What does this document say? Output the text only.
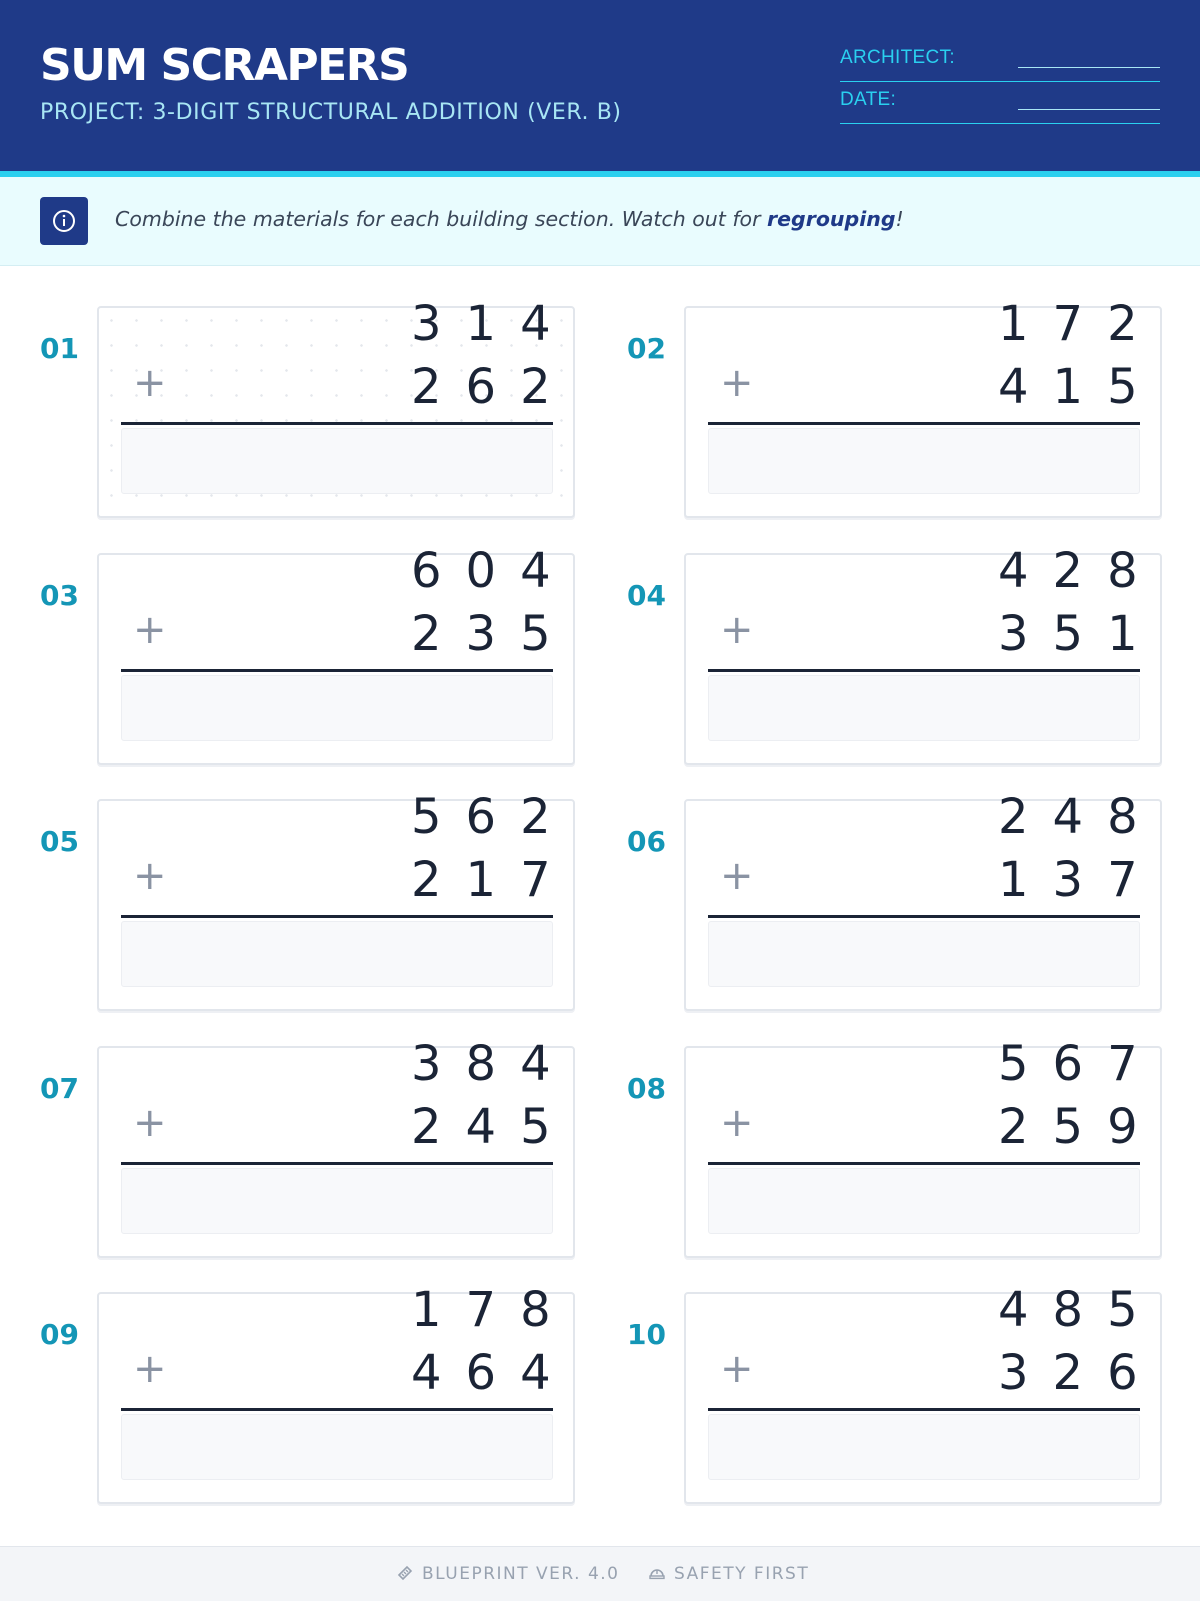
SUM SCRAPERS
PROJECT: 3-DIGIT STRUCTURAL ADDITION (VER. B)
ARCHITECT:
DATE:
Combine the materials for each building section. Watch out for regrouping!
01	314
+	262
02	172
+	415
03	604
+	235
04	428
+	351
05	562
+	217
06	248
+	137
07	384
+	245
08	567
+	259
09	178
+	464
10	485
+	326
BLUEPRINT VER. 4.0	SAFETY FIRST
